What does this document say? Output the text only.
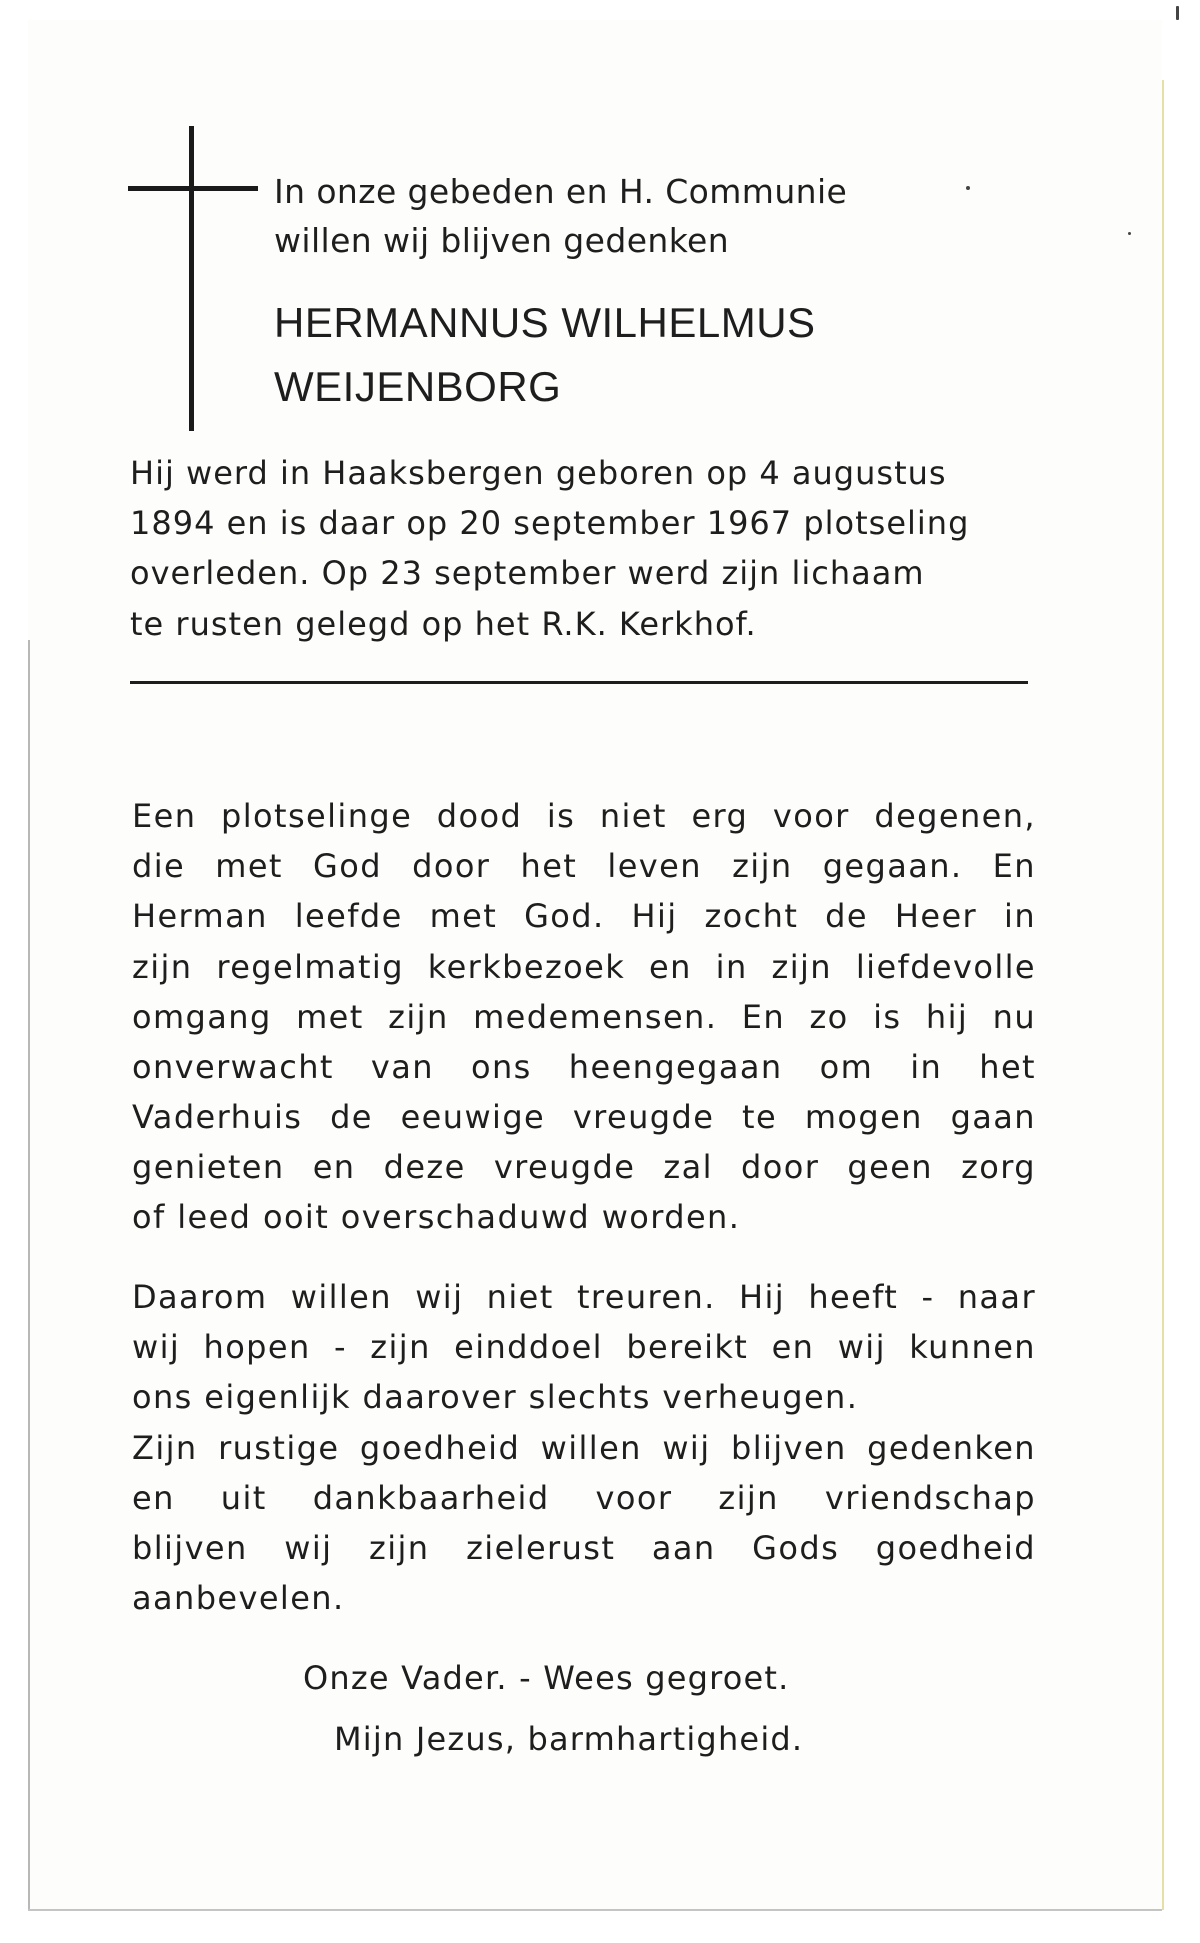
In onze gebeden en H. Communie
willen wij blijven gedenken
HERMANNUS WILHELMUS
WEIJENBORG
Hij werd in Haaksbergen geboren op 4 augustus
1894 en is daar op 20 september 1967 plotseling
overleden. Op 23 september werd zijn lichaam
te rusten gelegd op het R.K. Kerkhof.
Een plotselinge dood is niet erg voor degenen,
die met God door het leven zijn gegaan. En
Herman leefde met God. Hij zocht de Heer in
zijn regelmatig kerkbezoek en in zijn liefdevolle
omgang met zijn medemensen. En zo is hij nu
onverwacht van ons heengegaan om in het
Vaderhuis de eeuwige vreugde te mogen gaan
genieten en deze vreugde zal door geen zorg
of leed ooit overschaduwd worden.
Daarom willen wij niet treuren. Hij heeft - naar
wij hopen - zijn einddoel bereikt en wij kunnen
ons eigenlijk daarover slechts verheugen.
Zijn rustige goedheid willen wij blijven gedenken
en uit dankbaarheid voor zijn vriendschap
blijven wij zijn zielerust aan Gods goedheid
aanbevelen.
Onze Vader. - Wees gegroet.
Mijn Jezus, barmhartigheid.
